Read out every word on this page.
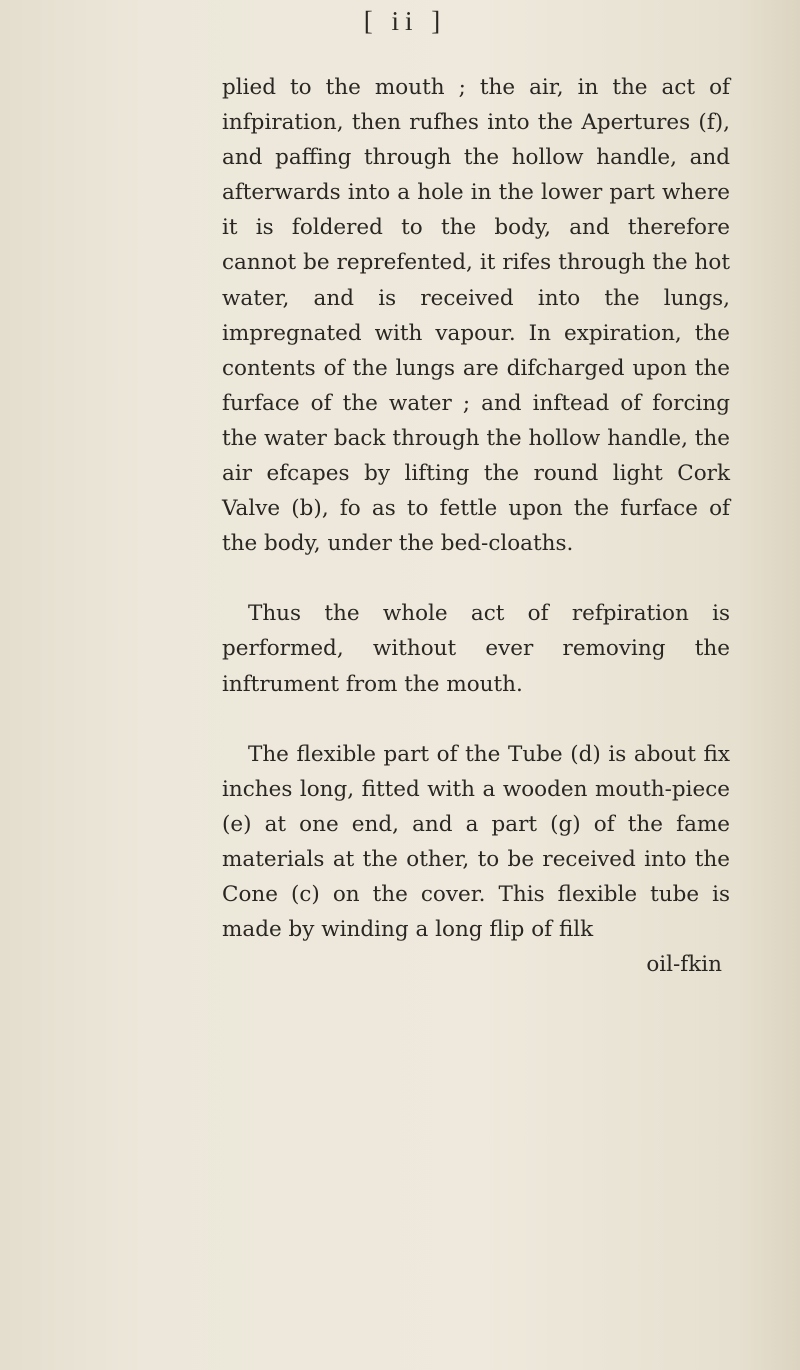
[ ii ]

plied to the mouth ; the air, in the act of infpiration, then rufhes into the Apertures (f), and paffing through the hollow handle, and afterwards into a hole in the lower part where it is foldered to the body, and therefore cannot be reprefented, it rifes through the hot water, and is received into the lungs, impregnated with vapour. In expiration, the contents of the lungs are difcharged upon the furface of the water ; and inftead of forcing the water back through the hollow handle, the air efcapes by lifting the round light Cork Valve (b), fo as to fettle upon the furface of the body, under the bed-cloaths.

Thus the whole act of refpiration is performed, without ever removing the inftrument from the mouth.

The flexible part of the Tube (d) is about fix inches long, fitted with a wooden mouth-piece (e) at one end, and a part (g) of the fame materials at the other, to be received into the Cone (c) on the cover. This flexible tube is made by winding a long flip of filk

oil-fkin
